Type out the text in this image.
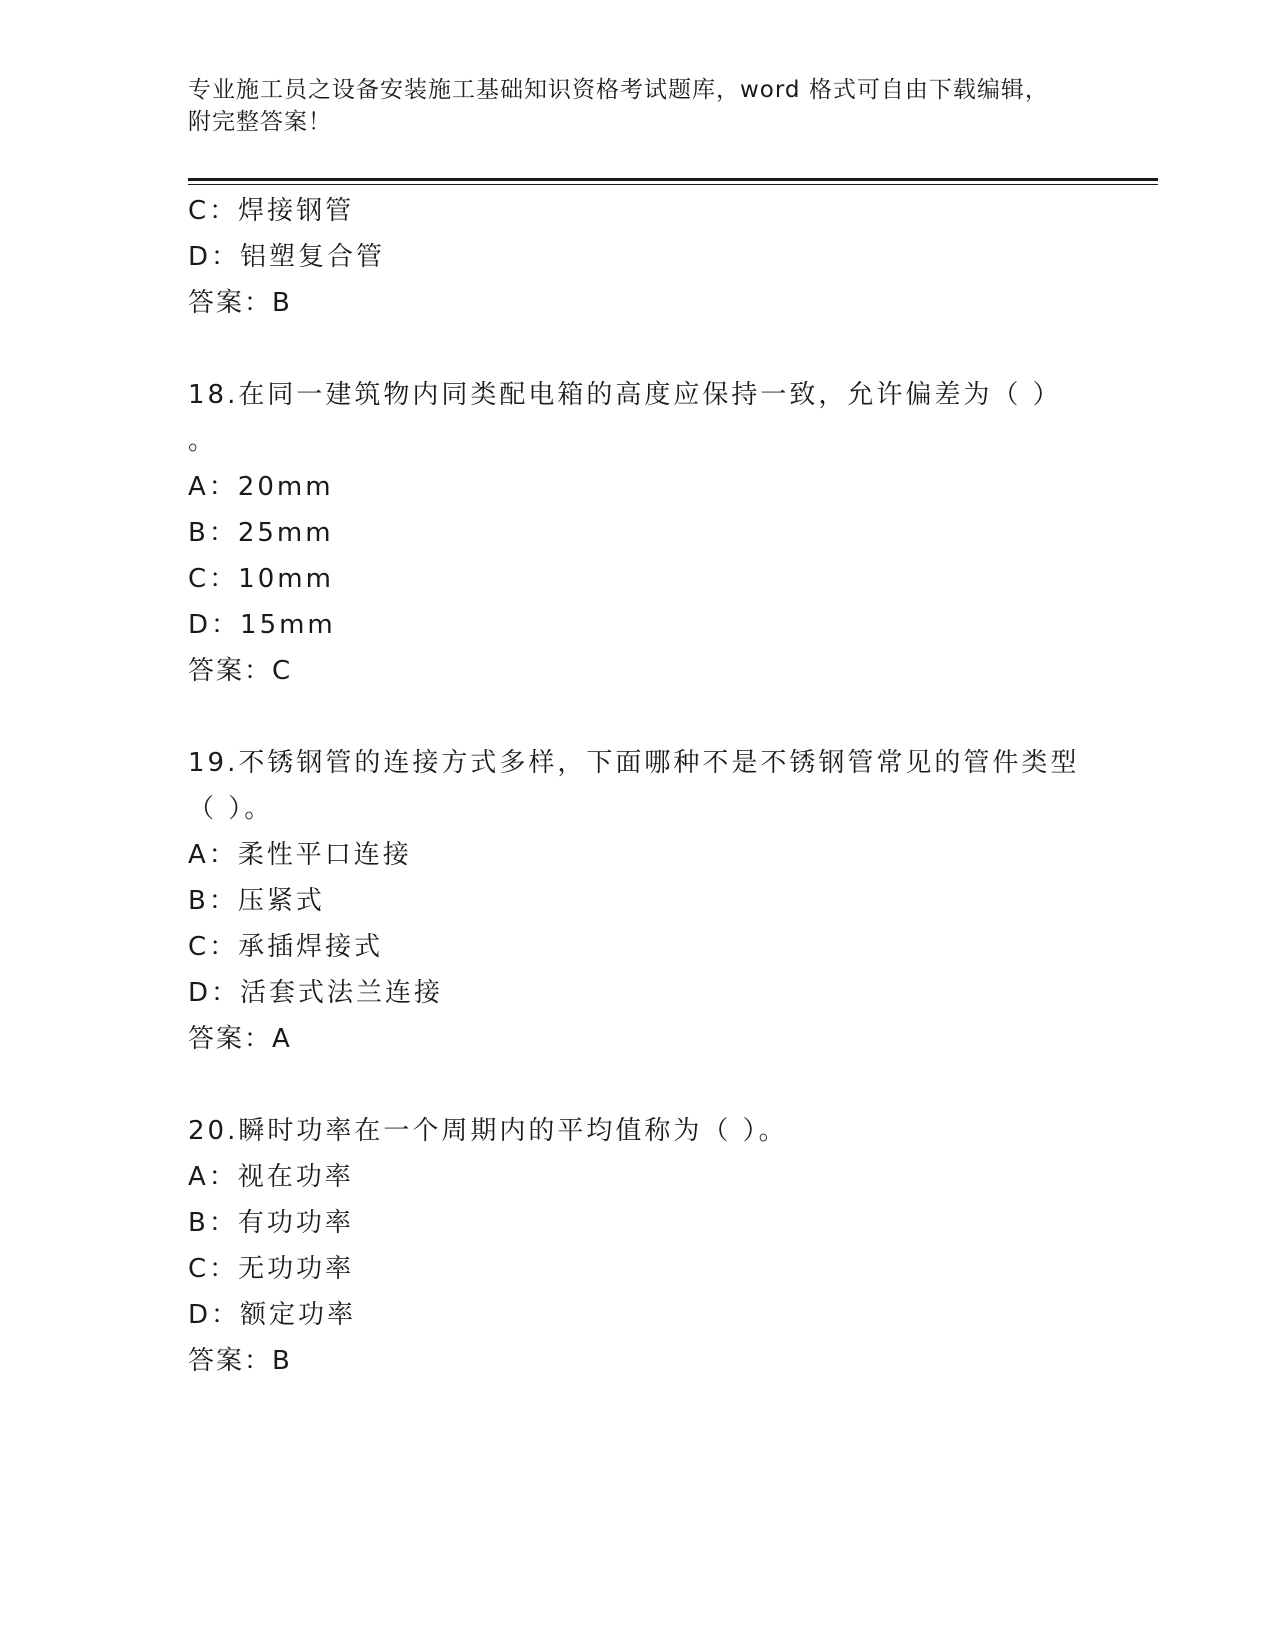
专业施工员之设备安装施工基础知识资格考试题库，word 格式可自由下载编辑，
附完整答案！
C：焊接钢管
D：铝塑复合管
答案：B
18.在同一建筑物内同类配电箱的高度应保持一致，允许偏差为（ ）
。
A：20mm
B：25mm
C：10mm
D：15mm
答案：C
19.不锈钢管的连接方式多样，下面哪种不是不锈钢管常见的管件类型
（ ）。
A：柔性平口连接
B：压紧式
C：承插焊接式
D：活套式法兰连接
答案：A
20.瞬时功率在一个周期内的平均值称为（ ）。
A：视在功率
B：有功功率
C：无功功率
D：额定功率
答案：B
